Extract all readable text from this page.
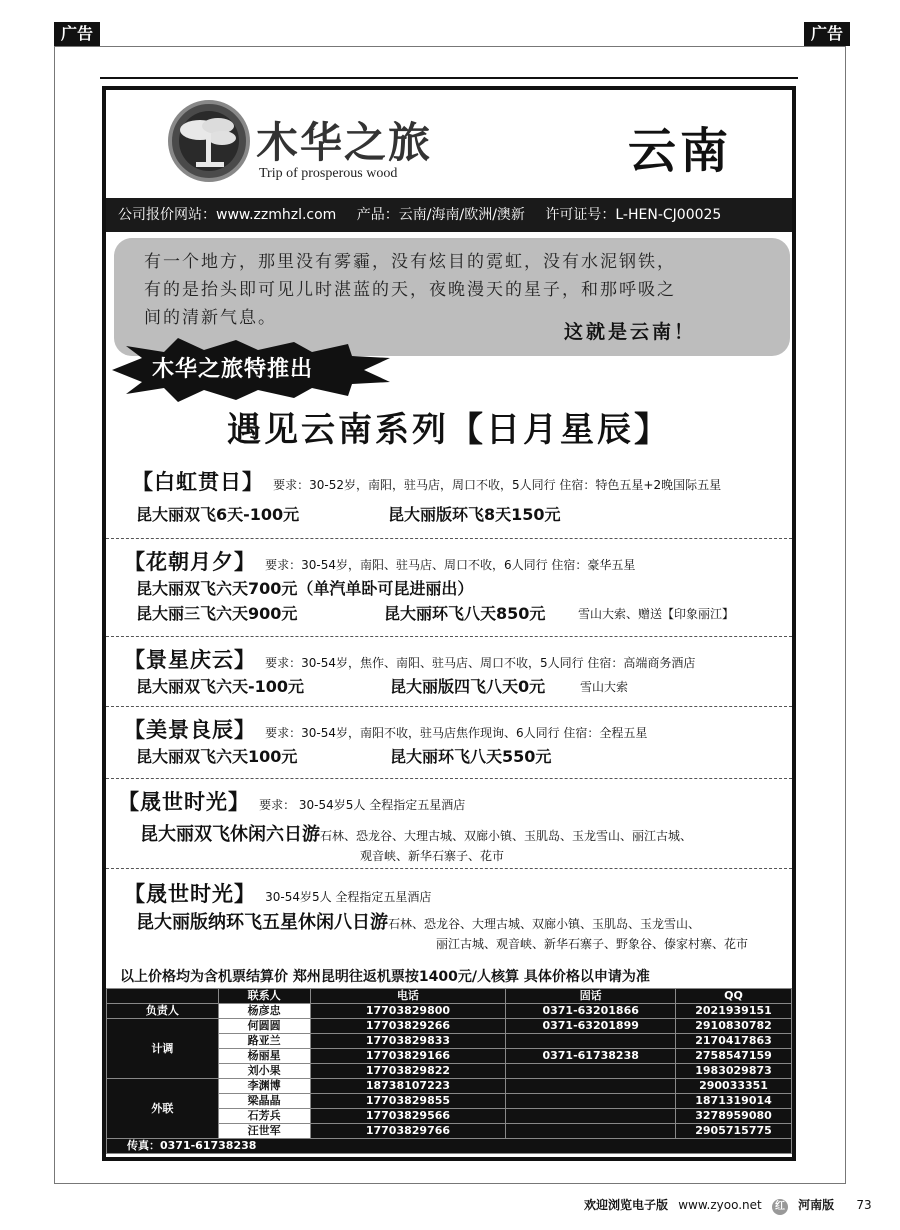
广告	广告
木华之旅
Trip of prosperous wood	云南
公司报价网站：www.zzmhzl.com 产品：云南/海南/欧洲/澳新 许可证号：L-HEN-CJ00025
有一个地方，那里没有雾霾，没有炫目的霓虹，没有水泥钢铁，
有的是抬头即可见儿时湛蓝的天，夜晚漫天的星子，和那呼吸之
间的清新气息。
这就是云南！
木华之旅特推出
遇见云南系列【日月星辰】
【白虹贯日】 要求：30-52岁，南阳，驻马店，周口不收，5人同行 住宿：特色五星+2晚国际五星
昆大丽双飞6天-100元	昆大丽版环飞8天150元
【花朝月夕】 要求：30-54岁，南阳、驻马店、周口不收，6人同行 住宿：豪华五星
昆大丽双飞六天700元（单汽单卧可昆进丽出）
昆大丽三飞六天900元	昆大丽环飞八天850元	雪山大索、赠送【印象丽江】
【景星庆云】 要求：30-54岁，焦作、南阳、驻马店、周口不收，5人同行 住宿：高端商务酒店
昆大丽双飞六天-100元	昆大丽版四飞八天0元	雪山大索
【美景良辰】 要求：30-54岁，南阳不收，驻马店焦作现询、6人同行 住宿：全程五星
昆大丽双飞六天100元	昆大丽环飞八天550元
【晟世时光】 要求： 30-54岁5人 全程指定五星酒店
昆大丽双飞休闲六日游石林、恐龙谷、大理古城、双廊小镇、玉肌岛、玉龙雪山、丽江古城、
观音峡、新华石寨子、花市
【晟世时光】 30-54岁5人 全程指定五星酒店
昆大丽版纳环飞五星休闲八日游石林、恐龙谷、大理古城、双廊小镇、玉肌岛、玉龙雪山、
丽江古城、观音峡、新华石寨子、野象谷、傣家村寨、花市
以上价格均为含机票结算价 郑州昆明往返机票按1400元/人核算 具体价格以申请为准
	联系人	电话	固话	QQ
负责人	杨彦忠	17703829800	0371-63201866	2021939151
计调	何圆圆	17703829266	0371-63201899	2910830782
	路亚兰	17703829833		2170417863
	杨丽星	17703829166	0371-61738238	2758547159
	刘小果	17703829822		1983029873
外联	李渊博	18738107223		290033351
	梁晶晶	17703829855		1871319014
	石芳兵	17703829566		3278959080
	汪世军	17703829766		2905715775
传真：0371-61738238				
欢迎浏览电子版 www.zyoo.net 红 河南版 73
